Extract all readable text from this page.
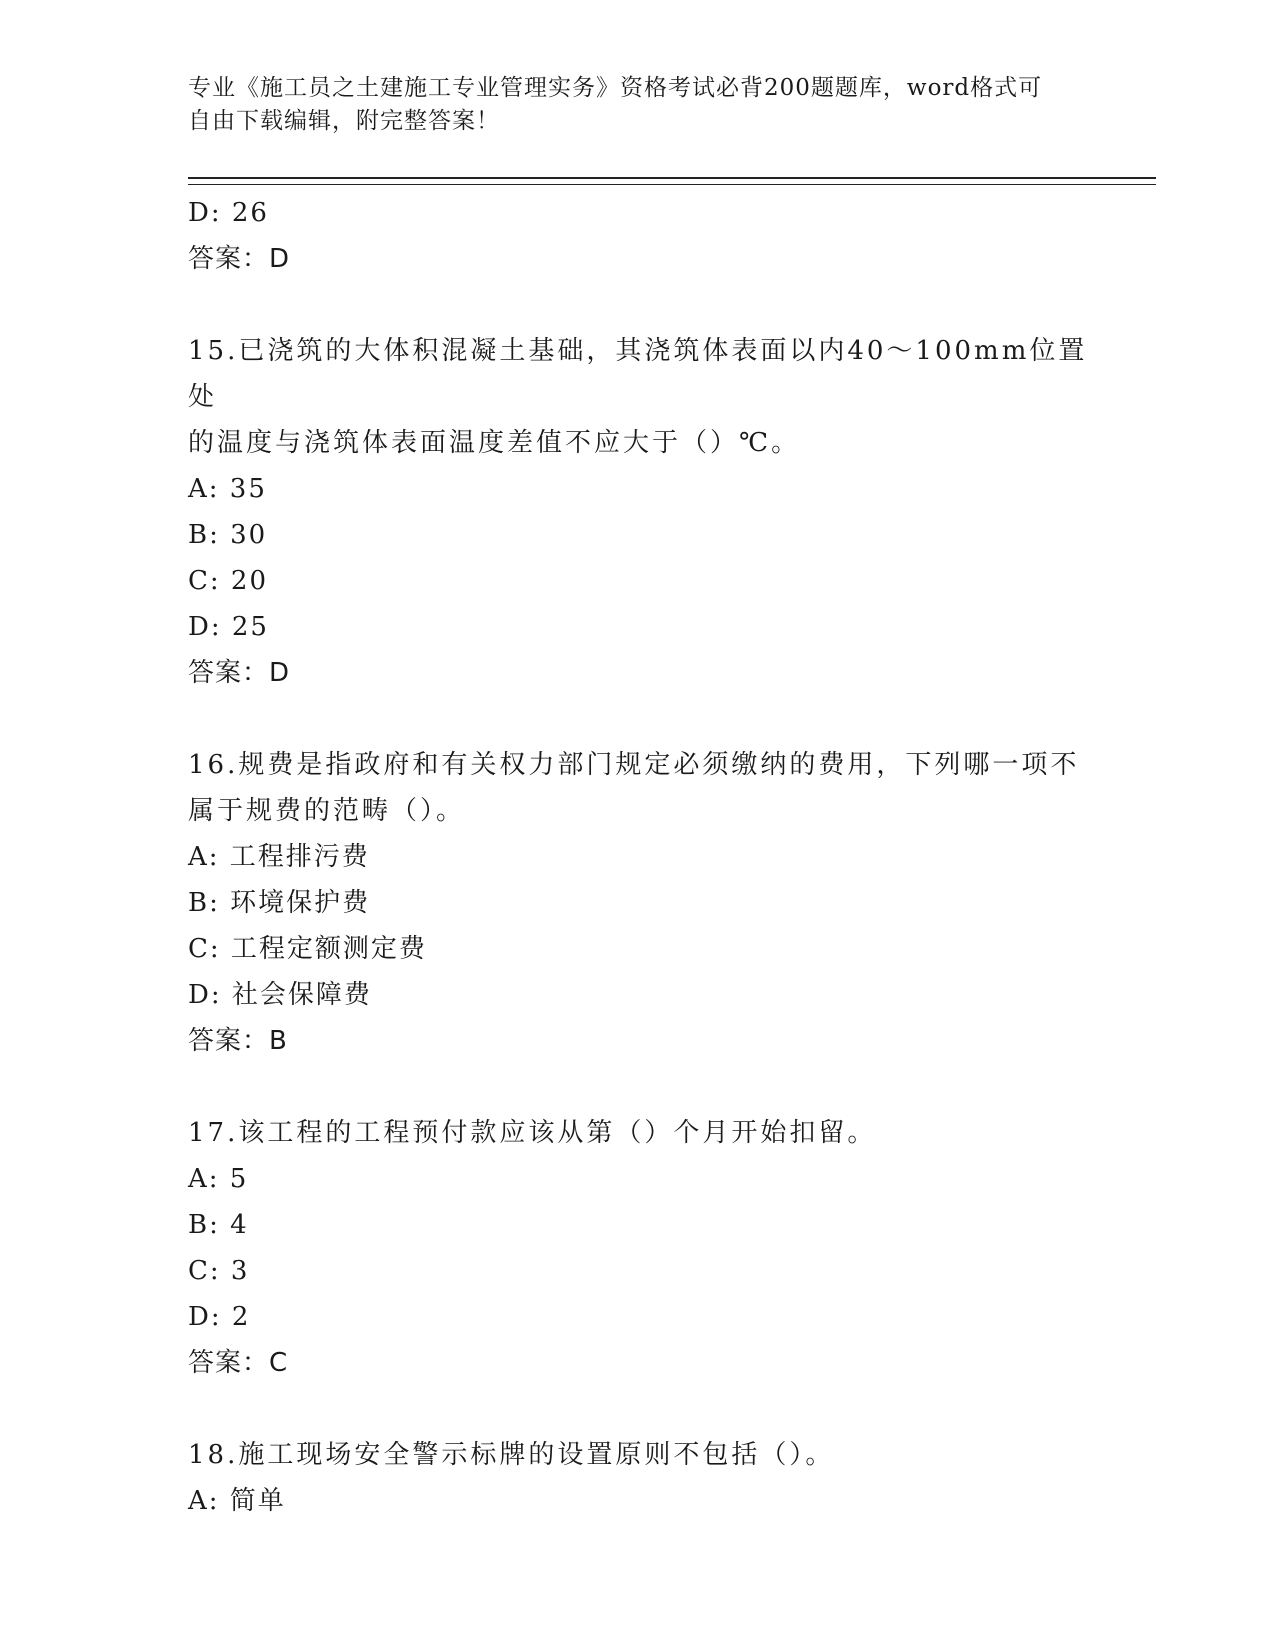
专业《施工员之土建施工专业管理实务》资格考试必背200题题库，word格式可
自由下载编辑，附完整答案！
D: 26
答案：D
15.已浇筑的大体积混凝土基础，其浇筑体表面以内40～100mm位置处
的温度与浇筑体表面温度差值不应大于（）℃。
A: 35
B: 30
C: 20
D: 25
答案：D
16.规费是指政府和有关权力部门规定必须缴纳的费用，下列哪一项不
属于规费的范畴（）。
A: 工程排污费
B: 环境保护费
C: 工程定额测定费
D: 社会保障费
答案：B
17.该工程的工程预付款应该从第（）个月开始扣留。
A: 5
B: 4
C: 3
D: 2
答案：C
18.施工现场安全警示标牌的设置原则不包括（）。
A: 简单
